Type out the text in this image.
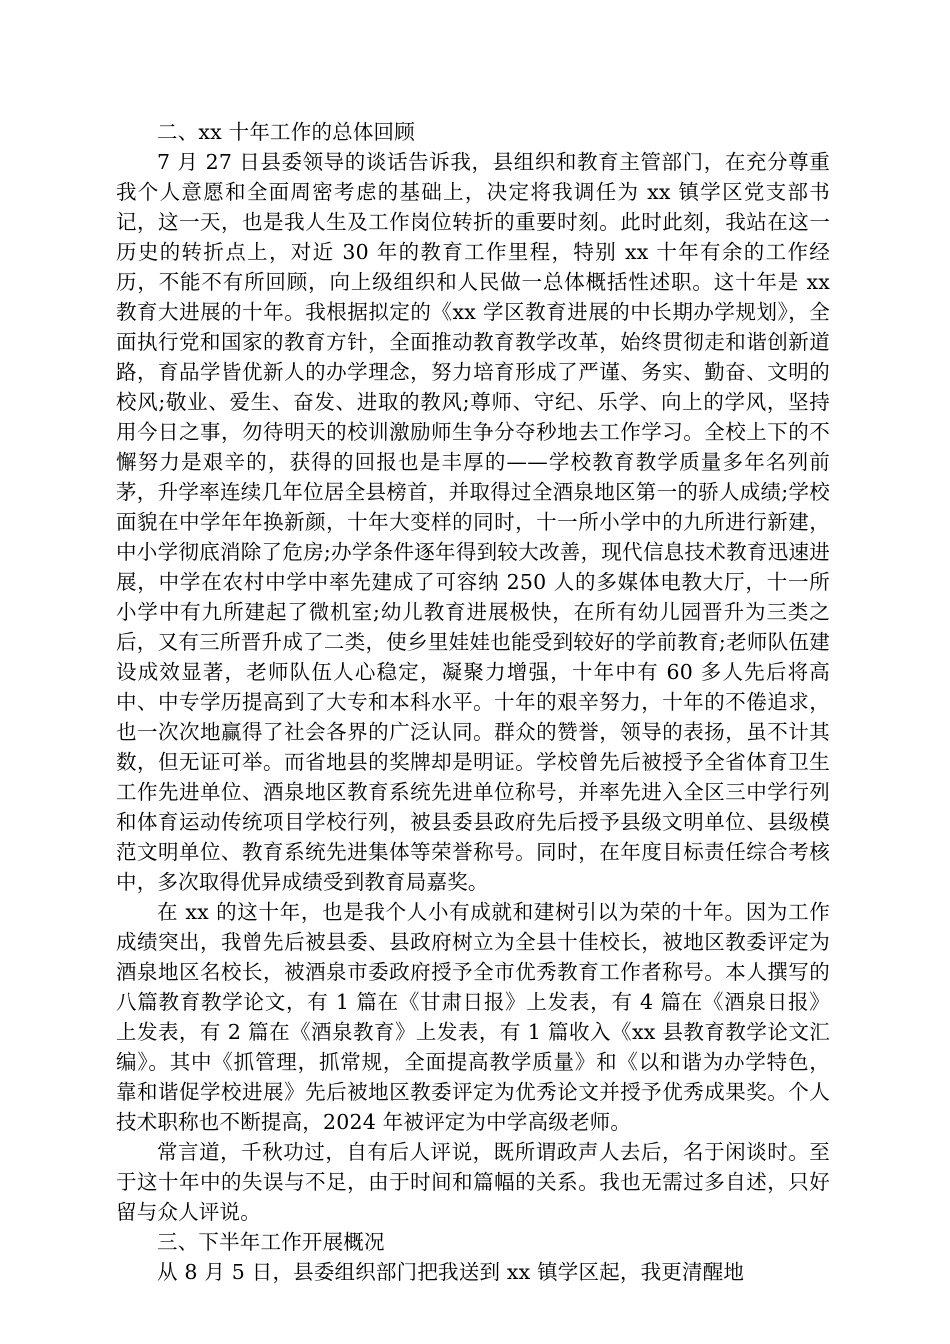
二、xx 十年工作的总体回顾

7 月 27 日县委领导的谈话告诉我，县组织和教育主管部门，在充分尊重我个人意愿和全面周密考虑的基础上，决定将我调任为 xx 镇学区党支部书记，这一天，也是我人生及工作岗位转折的重要时刻。此时此刻，我站在这一历史的转折点上，对近 30 年的教育工作里程，特别 xx 十年有余的工作经历，不能不有所回顾，向上级组织和人民做一总体概括性述职。这十年是 xx 教育大进展的十年。我根据拟定的《xx 学区教育进展的中长期办学规划》，全面执行党和国家的教育方针，全面推动教育教学改革，始终贯彻走和谐创新道路，育品学皆优新人的办学理念，努力培育形成了严谨、务实、勤奋、文明的校风;敬业、爱生、奋发、进取的教风;尊师、守纪、乐学、向上的学风，坚持用今日之事，勿待明天的校训激励师生争分夺秒地去工作学习。全校上下的不懈努力是艰辛的，获得的回报也是丰厚的——学校教育教学质量多年名列前茅，升学率连续几年位居全县榜首，并取得过全酒泉地区第一的骄人成绩;学校面貌在中学年年换新颜，十年大变样的同时，十一所小学中的九所进行新建，中小学彻底消除了危房;办学条件逐年得到较大改善，现代信息技术教育迅速进展，中学在农村中学中率先建成了可容纳 250 人的多媒体电教大厅，十一所小学中有九所建起了微机室;幼儿教育进展极快，在所有幼儿园晋升为三类之后，又有三所晋升成了二类，使乡里娃娃也能受到较好的学前教育;老师队伍建设成效显著，老师队伍人心稳定，凝聚力增强，十年中有 60 多人先后将高中、中专学历提高到了大专和本科水平。十年的艰辛努力，十年的不倦追求，也一次次地赢得了社会各界的广泛认同。群众的赞誉，领导的表扬，虽不计其数，但无证可举。而省地县的奖牌却是明证。学校曾先后被授予全省体育卫生工作先进单位、酒泉地区教育系统先进单位称号，并率先进入全区三中学行列和体育运动传统项目学校行列，被县委县政府先后授予县级文明单位、县级模范文明单位、教育系统先进集体等荣誉称号。同时，在年度目标责任综合考核中，多次取得优异成绩受到教育局嘉奖。

在 xx 的这十年，也是我个人小有成就和建树引以为荣的十年。因为工作成绩突出，我曾先后被县委、县政府树立为全县十佳校长，被地区教委评定为酒泉地区名校长，被酒泉市委政府授予全市优秀教育工作者称号。本人撰写的八篇教育教学论文，有 1 篇在《甘肃日报》上发表，有 4 篇在《酒泉日报》上发表，有 2 篇在《酒泉教育》上发表，有 1 篇收入《xx 县教育教学论文汇编》。其中《抓管理，抓常规，全面提高教学质量》和《以和谐为办学特色，靠和谐促学校进展》先后被地区教委评定为优秀论文并授予优秀成果奖。个人技术职称也不断提高，2024 年被评定为中学高级老师。

常言道，千秋功过，自有后人评说，既所谓政声人去后，名于闲谈时。至于这十年中的失误与不足，由于时间和篇幅的关系。我也无需过多自述，只好留与众人评说。

三、下半年工作开展概况

从 8 月 5 日，县委组织部门把我送到 xx 镇学区起，我更清醒地
